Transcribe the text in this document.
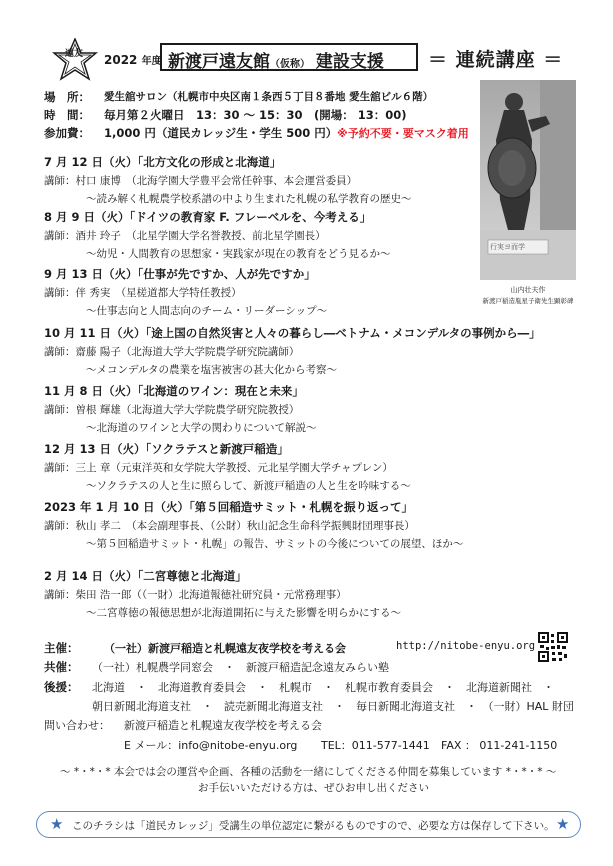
遠友 2022 年度 新渡戸遠友館（仮称） 建設支援 ＝ 連続講座 ＝
場　所： 愛生舘サロン（札幌市中央区南１条西５丁目８番地 愛生舘ビル６階）
時　間： 毎月第２火曜日　13：30 ～ 15：30　(開場： 13：00)
参加費： 1,000 円（道民カレッジ生・学生 500 円） ※予約不要・要マスク着用
行実ヨ而学
山内壮夫作
新渡戸稲造胤星子衛先生顕彰碑
7 月 12 日（火）「北方文化の形成と北海道」
講師：村口 康博　（北海学園大学豊平会常任幹事、本会運営委員）
～読み解く札幌農学校系譜の中より生まれた札幌の私学教育の歴史～
8 月 9 日（火）「ドイツの教育家 F. フレーベルを、今考える」
講師：酒井 玲子　（北星学園大学名誉教授、前北星学園長）
～幼児・人間教育の思想家・実践家が現在の教育をどう見るか～
9 月 13 日（火）「仕事が先ですか、人が先ですか」
講師：伴 秀実　（星槎道都大学特任教授）
～仕事志向と人間志向のチーム・リーダーシップ～
10 月 11 日（火）「途上国の自然災害と人々の暮らし―ベトナム・メコンデルタの事例から―」
講師：齋藤 陽子（北海道大学大学院農学研究院講師）
～メコンデルタの農業を塩害被害の甚大化から考察～
11 月 8 日（火）「北海道のワイン：現在と未来」
講師：曽根 輝雄（北海道大学大学院農学研究院教授）
～北海道のワインと大学の関わりについて解説～
12 月 13 日（火）「ソクラテスと新渡戸稲造」
講師：三上 章（元東洋英和女学院大学教授、元北星学園大学チャプレン）
～ソクラテスの人と生に照らして、新渡戸稲造の人と生を吟味する～
2023 年 1 月 10 日（火）「第５回稲造サミット・札幌を振り返って」
講師：秋山 孝二　（本会副理事長、（公財）秋山記念生命科学振興財団理事長）
～第５回稲造サミット・札幌」の報告、サミットの今後についての展望、ほか～
2 月 14 日（火）「二宮尊徳と北海道」
講師：柴田 浩一郎（（一財）北海道報徳社研究員・元常務理事）
～二宮尊徳の報徳思想が北海道開拓に与えた影響を明らかにする～
主催： （一社）新渡戸稲造と札幌遠友夜学校を考える会	http://nitobe-enyu.org
共催： （一社）札幌農学同窓会　・　新渡戸稲造記念遠友みらい塾
後援： 北海道　・　北海道教育委員会　・　札幌市　・　札幌市教育委員会　・　北海道新聞社　・
朝日新聞北海道支社　・　読売新聞北海道支社　・　毎日新聞北海道支社　・　（一財）HAL 財団
問い合わせ： 新渡戸稲造と札幌遠友夜学校を考える会
E メール：info@nitobe-enyu.org TEL：011-577-1441 FAX ： 011-241-1150
～ *・*・* 本会では会の運営や企画、各種の活動を一緒にしてくださる仲間を募集しています *・*・* ～
お手伝いいただける方は、ぜひお申し出ください
★ このチラシは「道民カレッジ」受講生の単位認定に繋がるものですので、必要な方は保存して下さい。 ★
